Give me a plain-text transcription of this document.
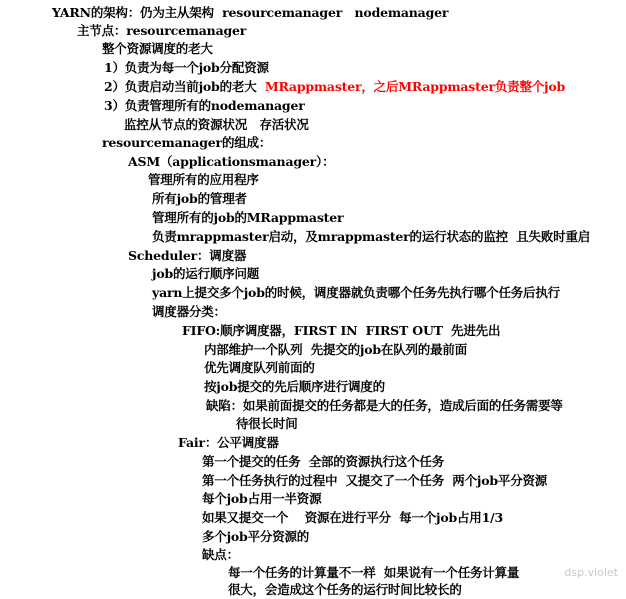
YARN的架构：仍为主从架构  resourcemanager   nodemanager
主节点：resourcemanager
整个资源调度的老大
1）负责为每一个job分配资源
2）负责启动当前job的老大  MRappmaster，之后MRappmaster负责整个job
3）负责管理所有的nodemanager
监控从节点的资源状况   存活状况
resourcemanager的组成：
ASM（applicationsmanager）：
管理所有的应用程序
所有job的管理者
管理所有的job的MRappmaster
负责mrappmaster启动，及mrappmaster的运行状态的监控  且失败时重启
Scheduler：调度器
job的运行顺序问题
yarn上提交多个job的时候，调度器就负责哪个任务先执行哪个任务后执行
调度器分类：
FIFO:顺序调度器，FIRST IN  FIRST OUT  先进先出
内部维护一个队列  先提交的job在队列的最前面
优先调度队列前面的
按job提交的先后顺序进行调度的
缺陷：如果前面提交的任务都是大的任务，造成后面的任务需要等
待很长时间
Fair：公平调度器
第一个提交的任务  全部的资源执行这个任务
第一个任务执行的过程中  又提交了一个任务  两个job平分资源
每个job占用一半资源
如果又提交一个    资源在进行平分  每一个job占用1/3
多个job平分资源的
缺点：
每一个任务的计算量不一样  如果说有一个任务计算量
很大，会造成这个任务的运行时间比较长的
dsp.violet
